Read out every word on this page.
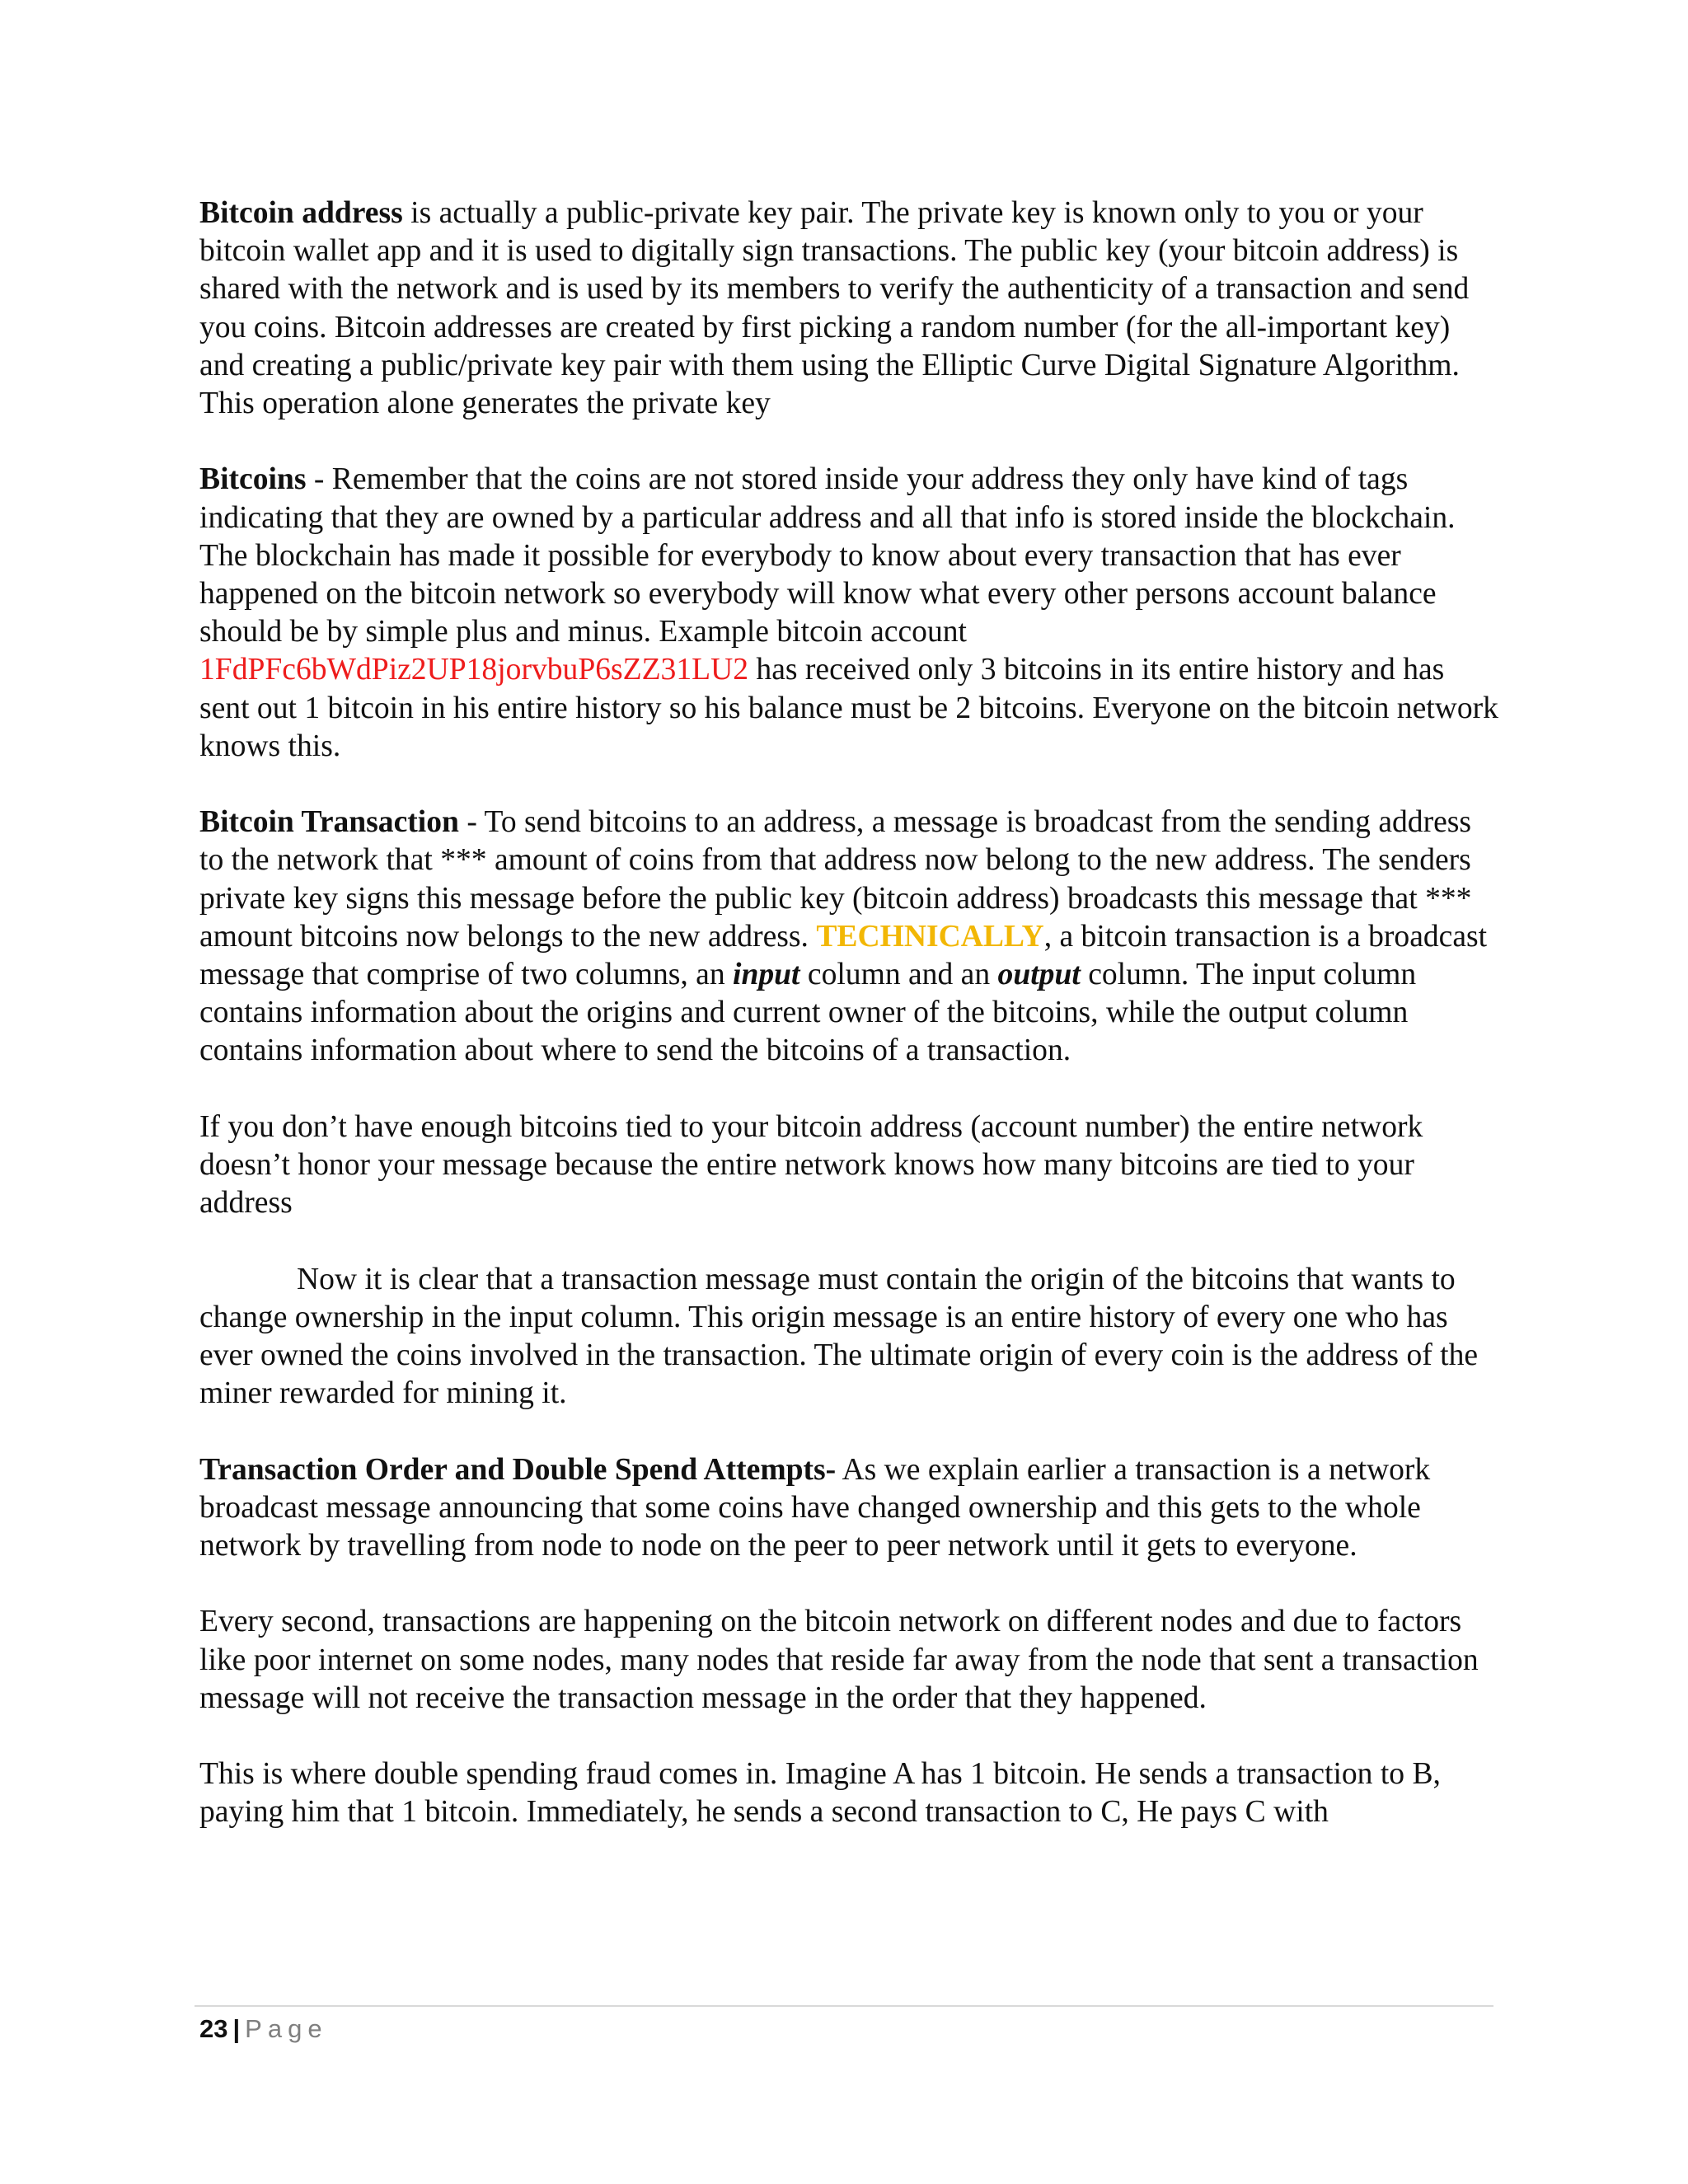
Bitcoin address is actually a public-private key pair. The private key is known only to you or your bitcoin wallet app and it is used to digitally sign transactions. The public key (your bitcoin address) is shared with the network and is used by its members to verify the authenticity of a transaction and send you coins. Bitcoin addresses are created by first picking a random number (for the all-important key) and creating a public/private key pair with them using the Elliptic Curve Digital Signature Algorithm. This operation alone generates the private key

Bitcoins - Remember that the coins are not stored inside your address they only have kind of tags indicating that they are owned by a particular address and all that info is stored inside the blockchain. The blockchain has made it possible for everybody to know about every transaction that has ever happened on the bitcoin network so everybody will know what every other persons account balance should be by simple plus and minus. Example bitcoin account 1FdPFc6bWdPiz2UP18jorvbuP6sZZ31LU2 has received only 3 bitcoins in its entire history and has sent out 1 bitcoin in his entire history so his balance must be 2 bitcoins. Everyone on the bitcoin network knows this.

Bitcoin Transaction - To send bitcoins to an address, a message is broadcast from the sending address to the network that *** amount of coins from that address now belong to the new address. The senders private key signs this message before the public key (bitcoin address) broadcasts this message that *** amount bitcoins now belongs to the new address. TECHNICALLY, a bitcoin transaction is a broadcast message that comprise of two columns, an input column and an output column. The input column contains information about the origins and current owner of the bitcoins, while the output column contains information about where to send the bitcoins of a transaction.

If you don’t have enough bitcoins tied to your bitcoin address (account number) the entire network doesn’t honor your message because the entire network knows how many bitcoins are tied to your address

Now it is clear that a transaction message must contain the origin of the bitcoins that wants to change ownership in the input column. This origin message is an entire history of every one who has ever owned the coins involved in the transaction. The ultimate origin of every coin is the address of the miner rewarded for mining it.

Transaction Order and Double Spend Attempts- As we explain earlier a transaction is a network broadcast message announcing that some coins have changed ownership and this gets to the whole network by travelling from node to node on the peer to peer network until it gets to everyone.

Every second, transactions are happening on the bitcoin network on different nodes and due to factors like poor internet on some nodes, many nodes that reside far away from the node that sent a transaction message will not receive the transaction message in the order that they happened.

This is where double spending fraud comes in. Imagine A has 1 bitcoin. He sends a transaction to B, paying him that 1 bitcoin. Immediately, he sends a second transaction to C, He pays C with

23 | Page
